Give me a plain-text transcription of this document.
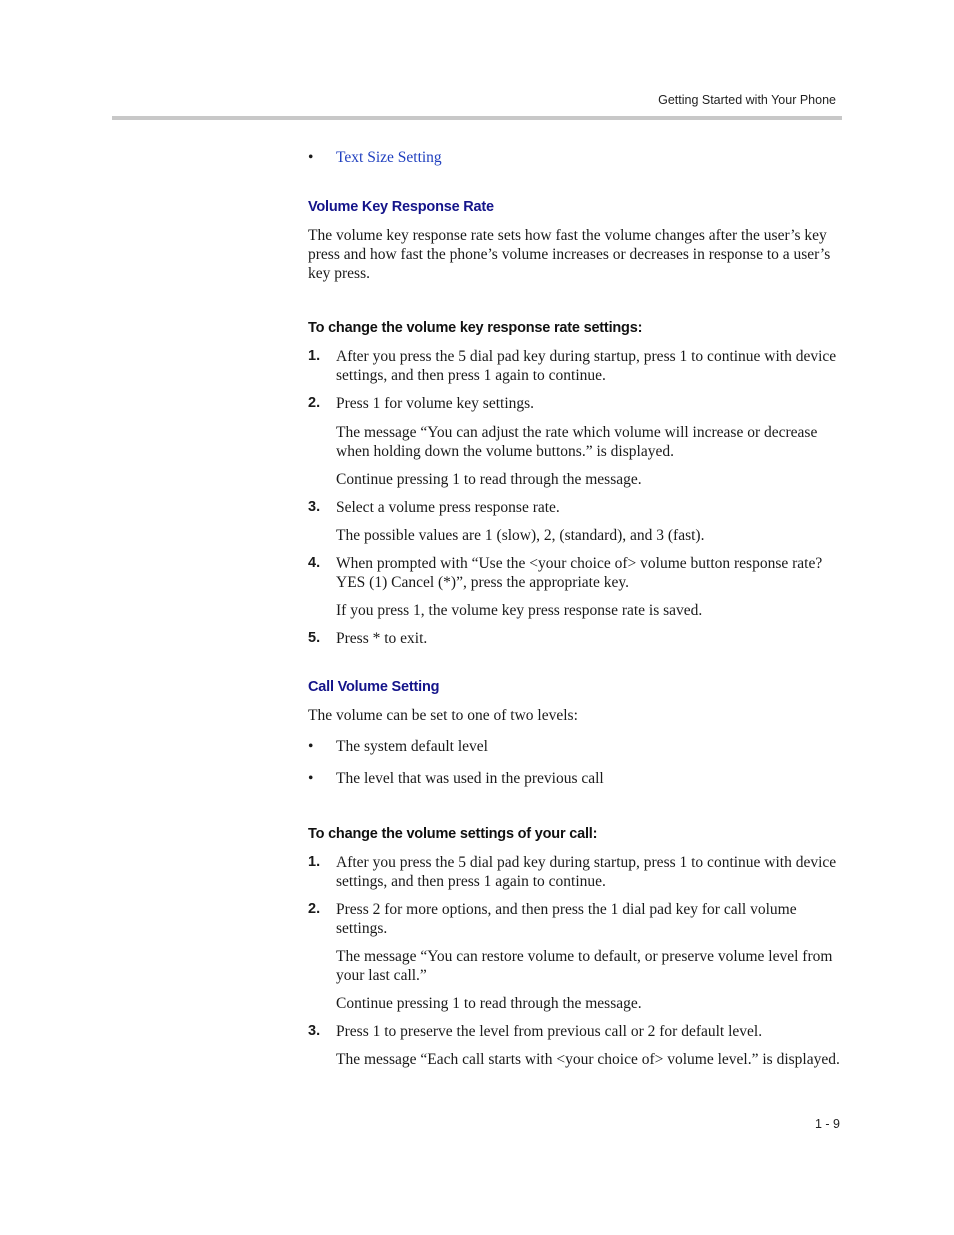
Getting Started with Your Phone
• Text Size Setting
Volume Key Response Rate
The volume key response rate sets how fast the volume changes after the user’s key press and how fast the phone’s volume increases or decreases in response to a user’s key press.
To change the volume key response rate settings:
1. After you press the 5 dial pad key during startup, press 1 to continue with device settings, and then press 1 again to continue.
2. Press 1 for volume key settings.
The message “You can adjust the rate which volume will increase or decrease when holding down the volume buttons.” is displayed.
Continue pressing 1 to read through the message.
3. Select a volume press response rate.
The possible values are 1 (slow), 2, (standard), and 3 (fast).
4. When prompted with “Use the <your choice of> volume button response rate? YES (1) Cancel (*)”, press the appropriate key.
If you press 1, the volume key press response rate is saved.
5. Press * to exit.
Call Volume Setting
The volume can be set to one of two levels:
• The system default level
• The level that was used in the previous call
To change the volume settings of your call:
1. After you press the 5 dial pad key during startup, press 1 to continue with device settings, and then press 1 again to continue.
2. Press 2 for more options, and then press the 1 dial pad key for call volume settings.
The message “You can restore volume to default, or preserve volume level from your last call.”
Continue pressing 1 to read through the message.
3. Press 1 to preserve the level from previous call or 2 for default level.
The message “Each call starts with <your choice of> volume level.” is displayed.
1 - 9
